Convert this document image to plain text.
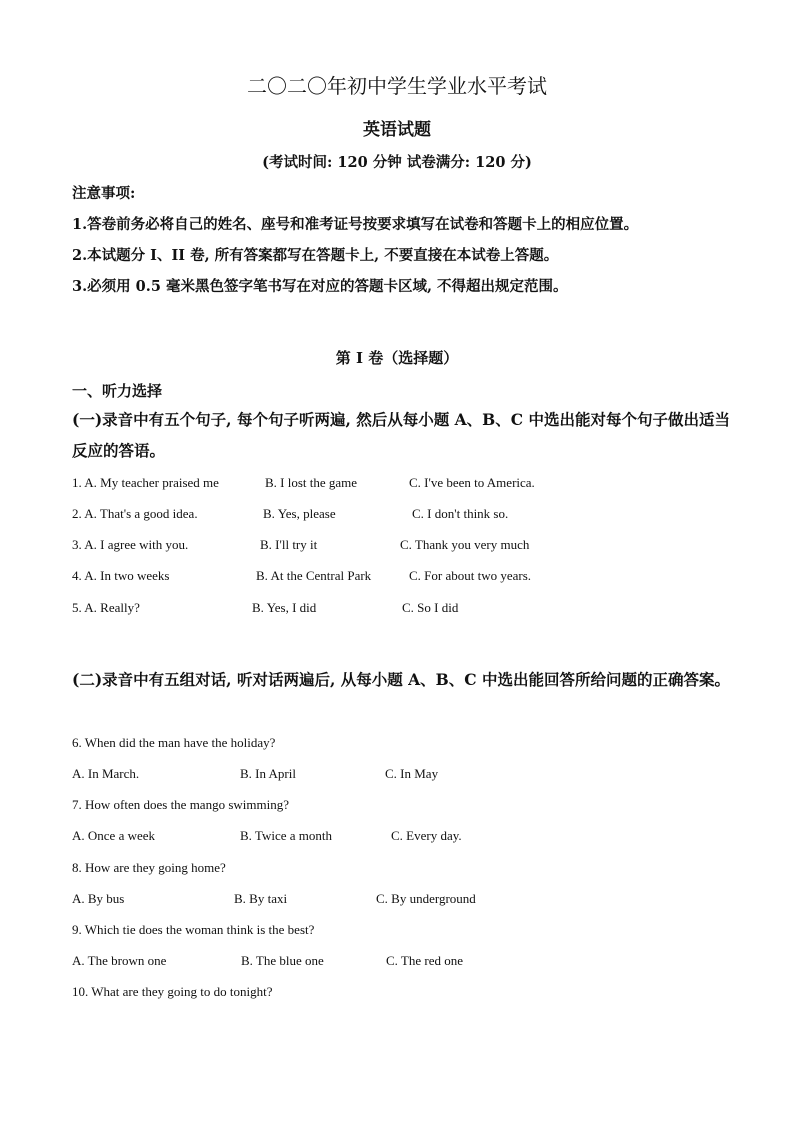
二〇二〇年初中学生学业水平考试
英语试题
(考试时间: 120 分钟 试卷满分: 120 分)
注意事项:
1.答卷前务必将自己的姓名、座号和准考证号按要求填写在试卷和答题卡上的相应位置。
2.本试题分 I、II 卷, 所有答案都写在答题卡上, 不要直接在本试卷上答题。
3.必须用 0.5 毫米黑色签字笔书写在对应的答题卡区域, 不得超出规定范围。
第 I 卷（选择题）
一、听力选择
(一)录音中有五个句子, 每个句子听两遍, 然后从每小题 A、B、C 中选出能对每个句子做出适当反应的答语。
1. A. My teacher praised me	B. I lost the game	C. I've been to America.
2. A. That's a good idea.	B. Yes, please	C. I don't think so.
3. A. I agree with you.	B. I'll try it	C. Thank you very much
4. A. In two weeks	B. At the Central Park	C. For about two years.
5. A. Really?	B. Yes, I did	C. So I did
(二)录音中有五组对话, 听对话两遍后, 从每小题 A、B、C 中选出能回答所给问题的正确答案。
6. When did the man have the holiday?
A. In March.	B. In April	C. In May
7. How often does the mango swimming?
A. Once a week	B. Twice a month	C. Every day.
8. How are they going home?
A. By bus	B. By taxi	C. By underground
9. Which tie does the woman think is the best?
A. The brown one	B. The blue one	C. The red one
10. What are they going to do tonight?
